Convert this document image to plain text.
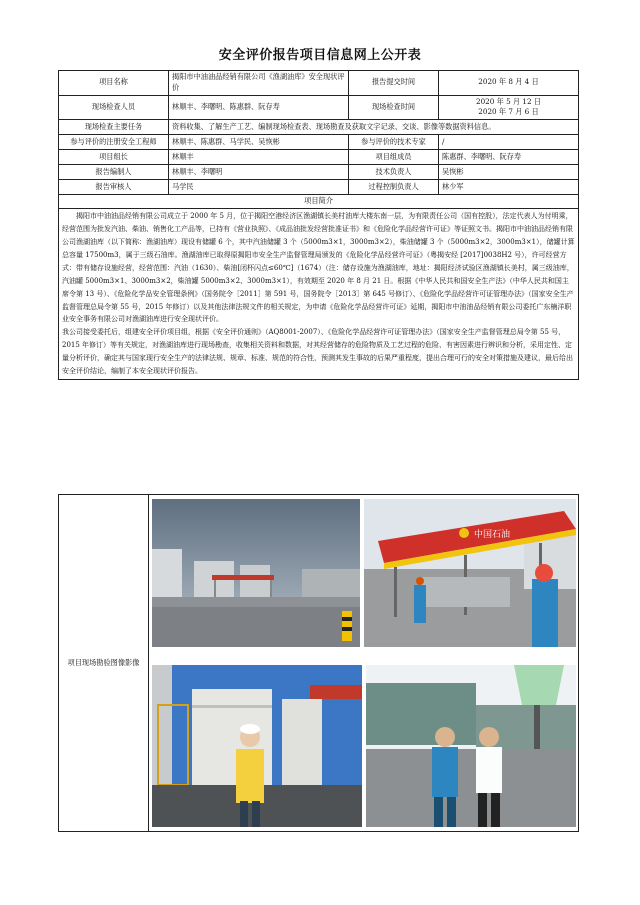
安全评价报告项目信息网上公开表
项目名称	揭阳市中油油品经销有限公司《渔湖油库》安全现状评价	报告提交时间	2020 年 8 月 4 日
现场检查人员	林顺丰、李曙明、陈惠群、阮存寿	现场检查时间	2020 年 5 月 12 日
2020 年 7 月 6 日

现场检查主要任务	资料收集、了解生产工艺、编制现场检查表、现场勘查及获取文字记录、交谈、影像等数据资料信息。		
参与评价的注册安全工程师	林顺丰、陈惠群、马学民、吴恢彬	参与评价的技术专家	/
项目组长	林顺丰	项目组成员	陈惠群、李曙明、阮存寿
报告编制人	林顺丰、李曙明	技术负责人	吴恢彬
报告审核人	马学民	过程控制负责人	林少军
项目简介			

揭阳市中油油品经销有限公司成立于 2000 年 5 月，位于揭阳空港经济区渔湖镇长美村油库大楼东南一层，为有限责任公司（国有控股），法定代表人为付明乘，经营范围为批发汽油、柴油、销售化工产品等，已持有《营业执照》、《成品油批发经营批准证书》和《危险化学品经营许可证》等证照文书。揭阳市中油油品经销有限公司渔湖油库（以下简称：渔湖油库）现设有储罐 6 个，其中汽油储罐 3 个（5000m3×1，3000m3×2），柴油储罐 3 个（5000m3×2，3000m3×1），储罐计算总容量 17500m3，属于三级石油库。渔湖油库已取得原揭阳市安全生产监督管理局颁发的《危险化学品经营许可证》（粤揭安经 [2017]0038H2 号），许可经营方式：带有储存设施经营，经营范围：汽油（1630）、柴油[闭杯闪点≤60℃]（1674）（注：储存设施为渔湖油库，地址：揭阳经济试验区渔湖镇长美村，属三级油库，汽油罐 5000m3×1、3000m3×2，柴油罐 5000m3×2、3000m3×1），有效期至 2020 年 8 月 21 日。根据《中华人民共和国安全生产法》（中华人民共和国主席令第 13 号）、《危险化学品安全管理条例》（国务院令［2011］第 591 号，国务院令［2013］第 645 号修订）、《危险化学品经营许可证管理办法》（国家安全生产监督管理总局令第 55 号，2015 年修订）以及其他法律法规文件的相关规定，为申请《危险化学品经营许可证》延期，揭阳市中油油品经销有限公司委托广东楠洋职业安全事务有限公司对渔湖油库进行安全现状评价。

我公司接受委托后，组建安全评价项目组，根据《安全评价通则》（AQ8001-2007）、《危险化学品经营许可证管理办法》（国家安全生产监督管理总局令第 55 号，2015 年修订）等有关规定，对渔湖油库进行现场勘查，收集相关资料和数据，对其经营储存的危险物质及工艺过程的危险、有害因素进行辨识和分析，采用定性、定量分析评价，确定其与国家现行安全生产的法律法规、规章、标准、规范的符合性，预测其发生事故的后果严重程度，提出合理可行的安全对策措施及建议，最后给出安全评价结论，编制了本安全现状评价报告。			

项目现场勘验图像影像	
中国石油
